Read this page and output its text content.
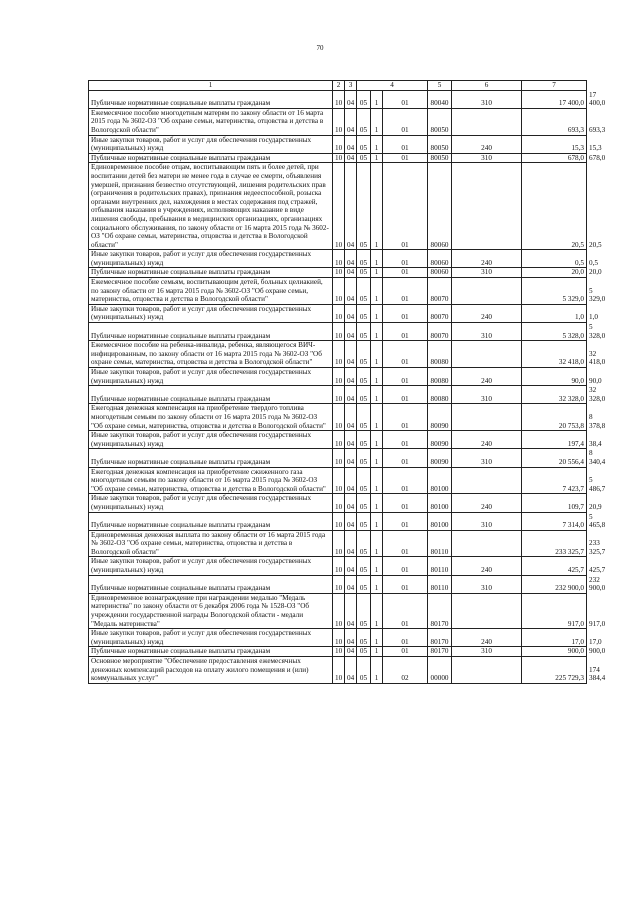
70
1	2	3	4			5	6	7	
Публичные нормативные социальные выплаты гражданам	10	04	05	1	01	80040	310	17 400,0	17 400,0
Ежемесячное пособие многодетным матерям по закону области от 16 марта 2015 года № 3602-ОЗ "Об охране семьи, материнства, отцовства и детства в Вологодской области"	10	04	05	1	01	80050		693,3	693,3
Иные закупки товаров, работ и услуг для обеспечения государственных (муниципальных) нужд	10	04	05	1	01	80050	240	15,3	15,3
Публичные нормативные социальные выплаты гражданам	10	04	05	1	01	80050	310	678,0	678,0
Единовременное пособие отцам, воспитывающим пять и более детей, при воспитании детей без матери не менее года в случае ее смерти, объявления умершей, признания безвестно отсутствующей, лишения родительских прав (ограничения в родительских правах), признания недееспособной, розыска органами внутренних дел, нахождения в местах содержания под стражей, отбывания наказания в учреждениях, исполняющих наказание в виде лишения свободы, пребывания в медицинских организациях, организациях социального обслуживания, по закону области от 16 марта 2015 года № 3602-ОЗ "Об охране семьи, материнства, отцовства и детства в Вологодской области"	10	04	05	1	01	80060		20,5	20,5
Иные закупки товаров, работ и услуг для обеспечения государственных (муниципальных) нужд	10	04	05	1	01	80060	240	0,5	0,5
Публичные нормативные социальные выплаты гражданам	10	04	05	1	01	80060	310	20,0	20,0
Ежемесячное пособие семьям, воспитывающим детей, больных целиакией, по закону области от 16 марта 2015 года № 3602-ОЗ "Об охране семьи, материнства, отцовства и детства в Вологодской области"	10	04	05	1	01	80070		5 329,0	5 329,0
Иные закупки товаров, работ и услуг для обеспечения государственных (муниципальных) нужд	10	04	05	1	01	80070	240	1,0	1,0
Публичные нормативные социальные выплаты гражданам	10	04	05	1	01	80070	310	5 328,0	5 328,0
Ежемесячное пособие на ребенка-инвалида, ребенка, являющегося ВИЧ-инфицированным, по закону области от 16 марта 2015 года № 3602-ОЗ "Об охране семьи, материнства, отцовства и детства в Вологодской области"	10	04	05	1	01	80080		32 418,0	32 418,0
Иные закупки товаров, работ и услуг для обеспечения государственных (муниципальных) нужд	10	04	05	1	01	80080	240	90,0	90,0
Публичные нормативные социальные выплаты гражданам	10	04	05	1	01	80080	310	32 328,0	32 328,0
Ежегодная денежная компенсация на приобретение твердого топлива многодетным семьям по закону области от 16 марта 2015 года № 3602-ОЗ "Об охране семьи, материнства, отцовства и детства в Вологодской области"	10	04	05	1	01	80090		20 753,8	8 378,8
Иные закупки товаров, работ и услуг для обеспечения государственных (муниципальных) нужд	10	04	05	1	01	80090	240	197,4	38,4
Публичные нормативные социальные выплаты гражданам	10	04	05	1	01	80090	310	20 556,4	8 340,4
Ежегодная денежная компенсация на приобретение сжиженного газа многодетным семьям по закону области от 16 марта 2015 года № 3602-ОЗ "Об охране семьи, материнства, отцовства и детства в Вологодской области"	10	04	05	1	01	80100		7 423,7	5 486,7
Иные закупки товаров, работ и услуг для обеспечения государственных (муниципальных) нужд	10	04	05	1	01	80100	240	109,7	20,9
Публичные нормативные социальные выплаты гражданам	10	04	05	1	01	80100	310	7 314,0	5 465,8
Единовременная денежная выплата по закону области от 16 марта 2015 года № 3602-ОЗ "Об охране семьи, материнства, отцовства и детства в Вологодской области"	10	04	05	1	01	80110		233 325,7	233 325,7
Иные закупки товаров, работ и услуг для обеспечения государственных (муниципальных) нужд	10	04	05	1	01	80110	240	425,7	425,7
Публичные нормативные социальные выплаты гражданам	10	04	05	1	01	80110	310	232 900,0	232 900,0
Единовременное вознаграждение при награждении медалью "Медаль материнства" по закону области от 6 декабря 2006 года № 1528-ОЗ "Об учреждении государственной награды Вологодской области - медали "Медаль материнства"	10	04	05	1	01	80170		917,0	917,0
Иные закупки товаров, работ и услуг для обеспечения государственных (муниципальных) нужд	10	04	05	1	01	80170	240	17,0	17,0
Публичные нормативные социальные выплаты гражданам	10	04	05	1	01	80170	310	900,0	900,0
Основное мероприятие "Обеспечение предоставления ежемесячных денежных компенсаций расходов на оплату жилого помещения и (или) коммунальных услуг"	10	04	05	1	02	00000		225 729,3	174 384,4
